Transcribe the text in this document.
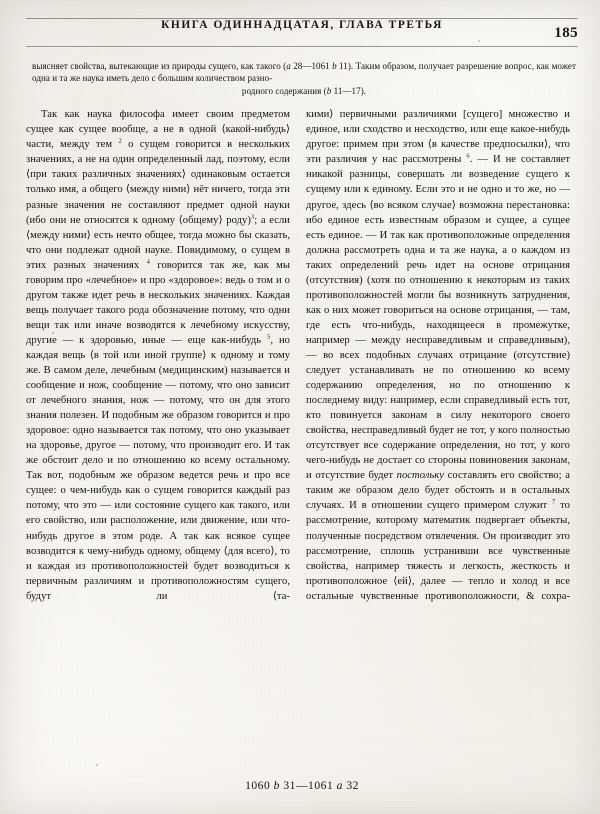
КНИГА ОДИННАДЦАТАЯ, ГЛАВА ТРЕТЬЯ	185
выясняет свойства, вытекающие из природы сущего, как такого (a 28—1061 b 11). Таким образом, получает разрешение вопрос, как может одна и та же наука иметь дело с большим количеством разно-
родного содержания (b 11—17).

Так как наука философа имеет своим предметом сущее как сущее вообще, а не в одной ⟨какой-нибудь⟩ части, между тем $^2$ о сущем говорится в нескольких значениях, а не на один определенный лад, поэтому, если ⟨при таких различных значениях⟩ одинаковым остается только имя, а общего ⟨между ними⟩ нёт ничего, тогда эти разные значения не составляют предмет одной науки (ибо они не относятся к одному ⟨общему⟩ роду)$^3$; а если ⟨между ними⟩ есть нечто общее, тогда можно бы сказать, что они подлежат одной науке. Повидимому, о сущем в этих разных значениях $^4$ говорится так же, как мы говорим про «лечебное» и про «здоровое»: ведь о том и о другом также идет речь в нескольких значениях. Каждая вещь получает такого рода обозначение потому, что одни вещи так или иначе возводятся к лечебному искусству, другие — к здоровью, иные — еще как-нибудь $^5$, но каждая вещь ⟨в той или иной группе⟩ к одному и тому же. В самом деле, лечебным (медицинским) называется и сообщение и нож, сообщение — потому, что оно зависит от лечебного знания, нож — потому, что он для этого знания полезен. И подобным же образом говорится и про здоровое: одно называется так потому, что оно указывает на здоровье, другое — потому, что производит его. И так же обстоит дело и по отношению ко всему остальному. Так вот, подобным же образом ведется речь и про все сущее: о чем-нибудь как о сущем говорится каждый раз потому, что это — или состояние сущего как такого, или его свойство, или расположение, или движение, или что-нибудь другое в этом роде. А так как всякое сущее возводится к чему-нибудь одному, общему ⟨для всего⟩, то и каждая из противоположностей будет возводиться к первичным различиям и противоположностям сущего, будут ли ⟨та-

кими⟩ первичными различиями [сущего] множество и единое, или сходство и несходство, или еще какое-нибудь другое: примем при этом ⟨в качестве предпосылки⟩, что эти различия у нас рассмотрены $^6$. — И не составляет никакой разницы, совершать ли возведение сущего к сущему или к единому. Если это и не одно и то же, но — другое, здесь ⟨во всяком случае⟩ возможна перестановка: ибо единое есть известным образом и сущее, а сущее есть единое. — И так как противоположные определения должна рассмотреть одна и та же наука, а о каждом из таких определений речь идет на основе отрицания (отсутствия) (хотя по отношению к некоторым из таких противоположностей могли бы возникнуть затруднения, как о них может говориться на основе отрицания, — там, где есть что-нибудь, находящееся в промежутке, например — между несправедливым и справедливым), — во всех подобных случаях отрицание (отсутствие) следует устанавливать не по отношению ко всему содержанию определения, но по отношению к последнему виду: например, если справедливый есть тот, кто повинуется законам в силу некоторого своего свойства, несправедливый будет не тот, у кого полностью отсутствует все содержание определения, но тот, у кого чего-нибудь не достает со стороны повиновения законам, и отсутствие будет постольку составлять его свойство; а таким же образом дело будет обстоять и в остальных случаях. И в отношении сущего примером служит $^7$ то рассмотрение, которому математик подвергает объекты, полученные посредством отвлечения. Он производит это рассмотрение, сплошь устранивши все чувственные свойства, например тяжесть и легкость, жесткость и противоположное ⟨ей⟩, далее — тепло и холод и все остальные чувственные противоположности, & сохра-

1060 b 31—1061 a 32
